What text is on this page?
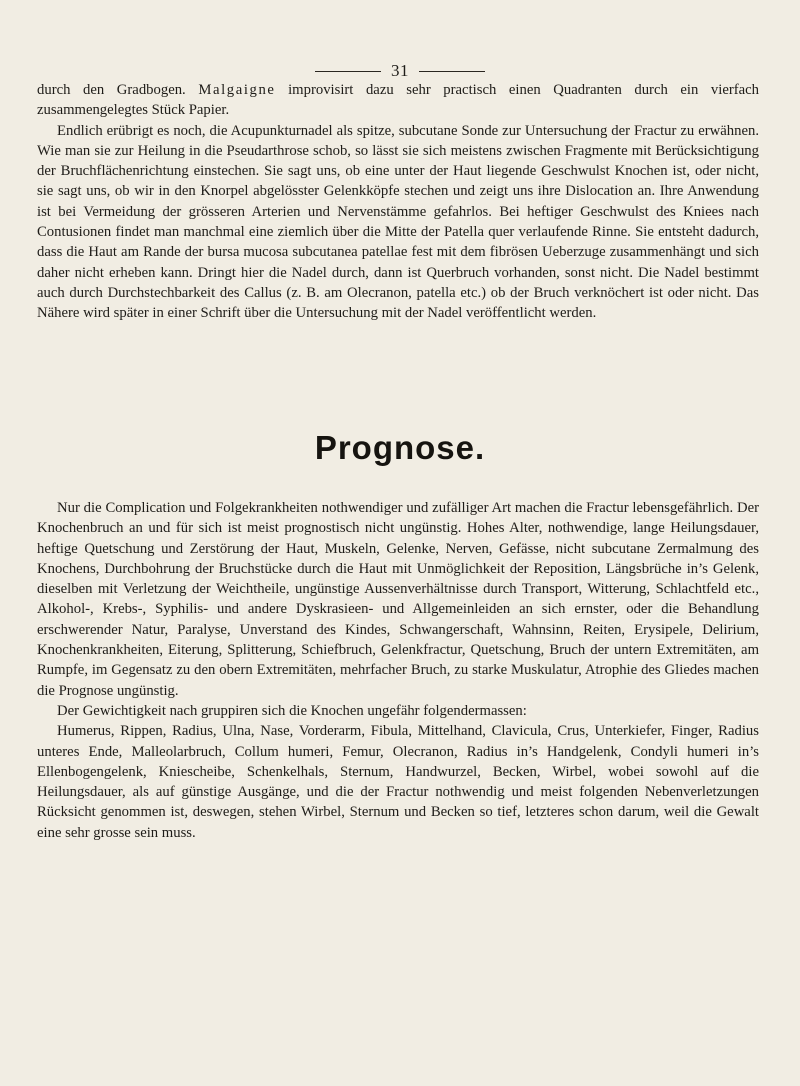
31

durch den Gradbogen. Malgaigne improvisirt dazu sehr practisch einen Quadranten durch ein vierfach zusammengelegtes Stück Papier.

Endlich erübrigt es noch, die Acupunkturnadel als spitze, subcutane Sonde zur Untersuchung der Fractur zu erwähnen. Wie man sie zur Heilung in die Pseudarthrose schob, so lässt sie sich meistens zwischen Fragmente mit Berücksichtigung der Bruchflächenrichtung einstechen. Sie sagt uns, ob eine unter der Haut liegende Geschwulst Knochen ist, oder nicht, sie sagt uns, ob wir in den Knorpel abgelösster Gelenkköpfe stechen und zeigt uns ihre Dislocation an. Ihre Anwendung ist bei Vermeidung der grösseren Arterien und Nervenstämme gefahrlos. Bei heftiger Geschwulst des Kniees nach Contusionen findet man manchmal eine ziemlich über die Mitte der Patella quer verlaufende Rinne. Sie entsteht dadurch, dass die Haut am Rande der bursa mucosa subcutanea patellae fest mit dem fibrösen Ueberzuge zusammenhängt und sich daher nicht erheben kann. Dringt hier die Nadel durch, dann ist Querbruch vorhanden, sonst nicht. Die Nadel bestimmt auch durch Durchstechbarkeit des Callus (z. B. am Olecranon, patella etc.) ob der Bruch verknöchert ist oder nicht. Das Nähere wird später in einer Schrift über die Untersuchung mit der Nadel veröffentlicht werden.

Prognose.

Nur die Complication und Folgekrankheiten nothwendiger und zufälliger Art machen die Fractur lebensgefährlich. Der Knochenbruch an und für sich ist meist prognostisch nicht ungünstig. Hohes Alter, nothwendige, lange Heilungsdauer, heftige Quetschung und Zerstörung der Haut, Muskeln, Gelenke, Nerven, Gefässe, nicht subcutane Zermalmung des Knochens, Durchbohrung der Bruchstücke durch die Haut mit Unmöglichkeit der Reposition, Längsbrüche in’s Gelenk, dieselben mit Verletzung der Weichtheile, ungünstige Aussenverhältnisse durch Transport, Witterung, Schlachtfeld etc., Alkohol-, Krebs-, Syphilis- und andere Dyskrasieen- und Allgemeinleiden an sich ernster, oder die Behandlung erschwerender Natur, Paralyse, Unverstand des Kindes, Schwangerschaft, Wahnsinn, Reiten, Erysipele, Delirium, Knochenkrankheiten, Eiterung, Splitterung, Schiefbruch, Gelenkfractur, Quetschung, Bruch der untern Extremitäten, am Rumpfe, im Gegensatz zu den obern Extremitäten, mehrfacher Bruch, zu starke Muskulatur, Atrophie des Gliedes machen die Prognose ungünstig.

Der Gewichtigkeit nach gruppiren sich die Knochen ungefähr folgendermassen:

Humerus, Rippen, Radius, Ulna, Nase, Vorderarm, Fibula, Mittelhand, Clavicula, Crus, Unterkiefer, Finger, Radius unteres Ende, Malleolarbruch, Collum humeri, Femur, Olecranon, Radius in’s Handgelenk, Condyli humeri in’s Ellenbogengelenk, Kniescheibe, Schenkelhals, Sternum, Handwurzel, Becken, Wirbel, wobei sowohl auf die Heilungsdauer, als auf günstige Ausgänge, und die der Fractur nothwendig und meist folgenden Nebenverletzungen Rücksicht genommen ist, deswegen, stehen Wirbel, Sternum und Becken so tief, letzteres schon darum, weil die Gewalt eine sehr grosse sein muss.
